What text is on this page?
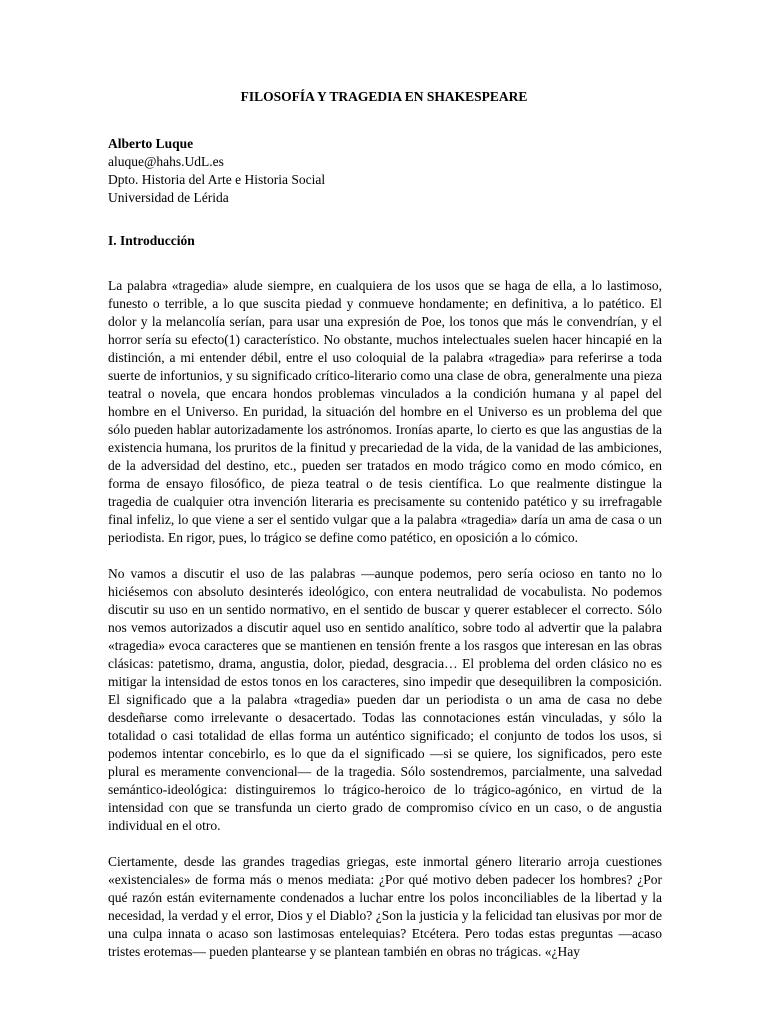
FILOSOFÍA Y TRAGEDIA EN SHAKESPEARE
Alberto Luque
aluque@hahs.UdL.es
Dpto. Historia del Arte e Historia Social
Universidad de Lérida
I. Introducción

La palabra «tragedia» alude siempre, en cualquiera de los usos que se haga de ella, a lo lastimoso, funesto o terrible, a lo que suscita piedad y conmueve hondamente; en definitiva, a lo patético. El dolor y la melancolía serían, para usar una expresión de Poe, los tonos que más le convendrían, y el horror sería su efecto(1) característico. No obstante, muchos intelectuales suelen hacer hincapié en la distinción, a mi entender débil, entre el uso coloquial de la palabra «tragedia» para referirse a toda suerte de infortunios, y su significado crítico-literario como una clase de obra, generalmente una pieza teatral o novela, que encara hondos problemas vinculados a la condición humana y al papel del hombre en el Universo. En puridad, la situación del hombre en el Universo es un problema del que sólo pueden hablar autorizadamente los astrónomos. Ironías aparte, lo cierto es que las angustias de la existencia humana, los pruritos de la finitud y precariedad de la vida, de la vanidad de las ambiciones, de la adversidad del destino, etc., pueden ser tratados en modo trágico como en modo cómico, en forma de ensayo filosófico, de pieza teatral o de tesis científica. Lo que realmente distingue la tragedia de cualquier otra invención literaria es precisamente su contenido patético y su irrefragable final infeliz, lo que viene a ser el sentido vulgar que a la palabra «tragedia» daría un ama de casa o un periodista. En rigor, pues, lo trágico se define como patético, en oposición a lo cómico.

No vamos a discutir el uso de las palabras —aunque podemos, pero sería ocioso en tanto no lo hiciésemos con absoluto desinterés ideológico, con entera neutralidad de vocabulista. No podemos discutir su uso en un sentido normativo, en el sentido de buscar y querer establecer el correcto. Sólo nos vemos autorizados a discutir aquel uso en sentido analítico, sobre todo al advertir que la palabra «tragedia» evoca caracteres que se mantienen en tensión frente a los rasgos que interesan en las obras clásicas: patetismo, drama, angustia, dolor, piedad, desgracia… El problema del orden clásico no es mitigar la intensidad de estos tonos en los caracteres, sino impedir que desequilibren la composición. El significado que a la palabra «tragedia» pueden dar un periodista o un ama de casa no debe desdeñarse como irrelevante o desacertado. Todas las connotaciones están vinculadas, y sólo la totalidad o casi totalidad de ellas forma un auténtico significado; el conjunto de todos los usos, si podemos intentar concebirlo, es lo que da el significado —si se quiere, los significados, pero este plural es meramente convencional— de la tragedia. Sólo sostendremos, parcialmente, una salvedad semántico-ideológica: distinguiremos lo trágico-heroico de lo trágico-agónico, en virtud de la intensidad con que se transfunda un cierto grado de compromiso cívico en un caso, o de angustia individual en el otro.

Ciertamente, desde las grandes tragedias griegas, este inmortal género literario arroja cuestiones «existenciales» de forma más o menos mediata: ¿Por qué motivo deben padecer los hombres? ¿Por qué razón están eviternamente condenados a luchar entre los polos inconciliables de la libertad y la necesidad, la verdad y el error, Dios y el Diablo? ¿Son la justicia y la felicidad tan elusivas por mor de una culpa innata o acaso son lastimosas entelequias? Etcétera. Pero todas estas preguntas —acaso tristes erotemas— pueden plantearse y se plantean también en obras no trágicas. «¿Hay
